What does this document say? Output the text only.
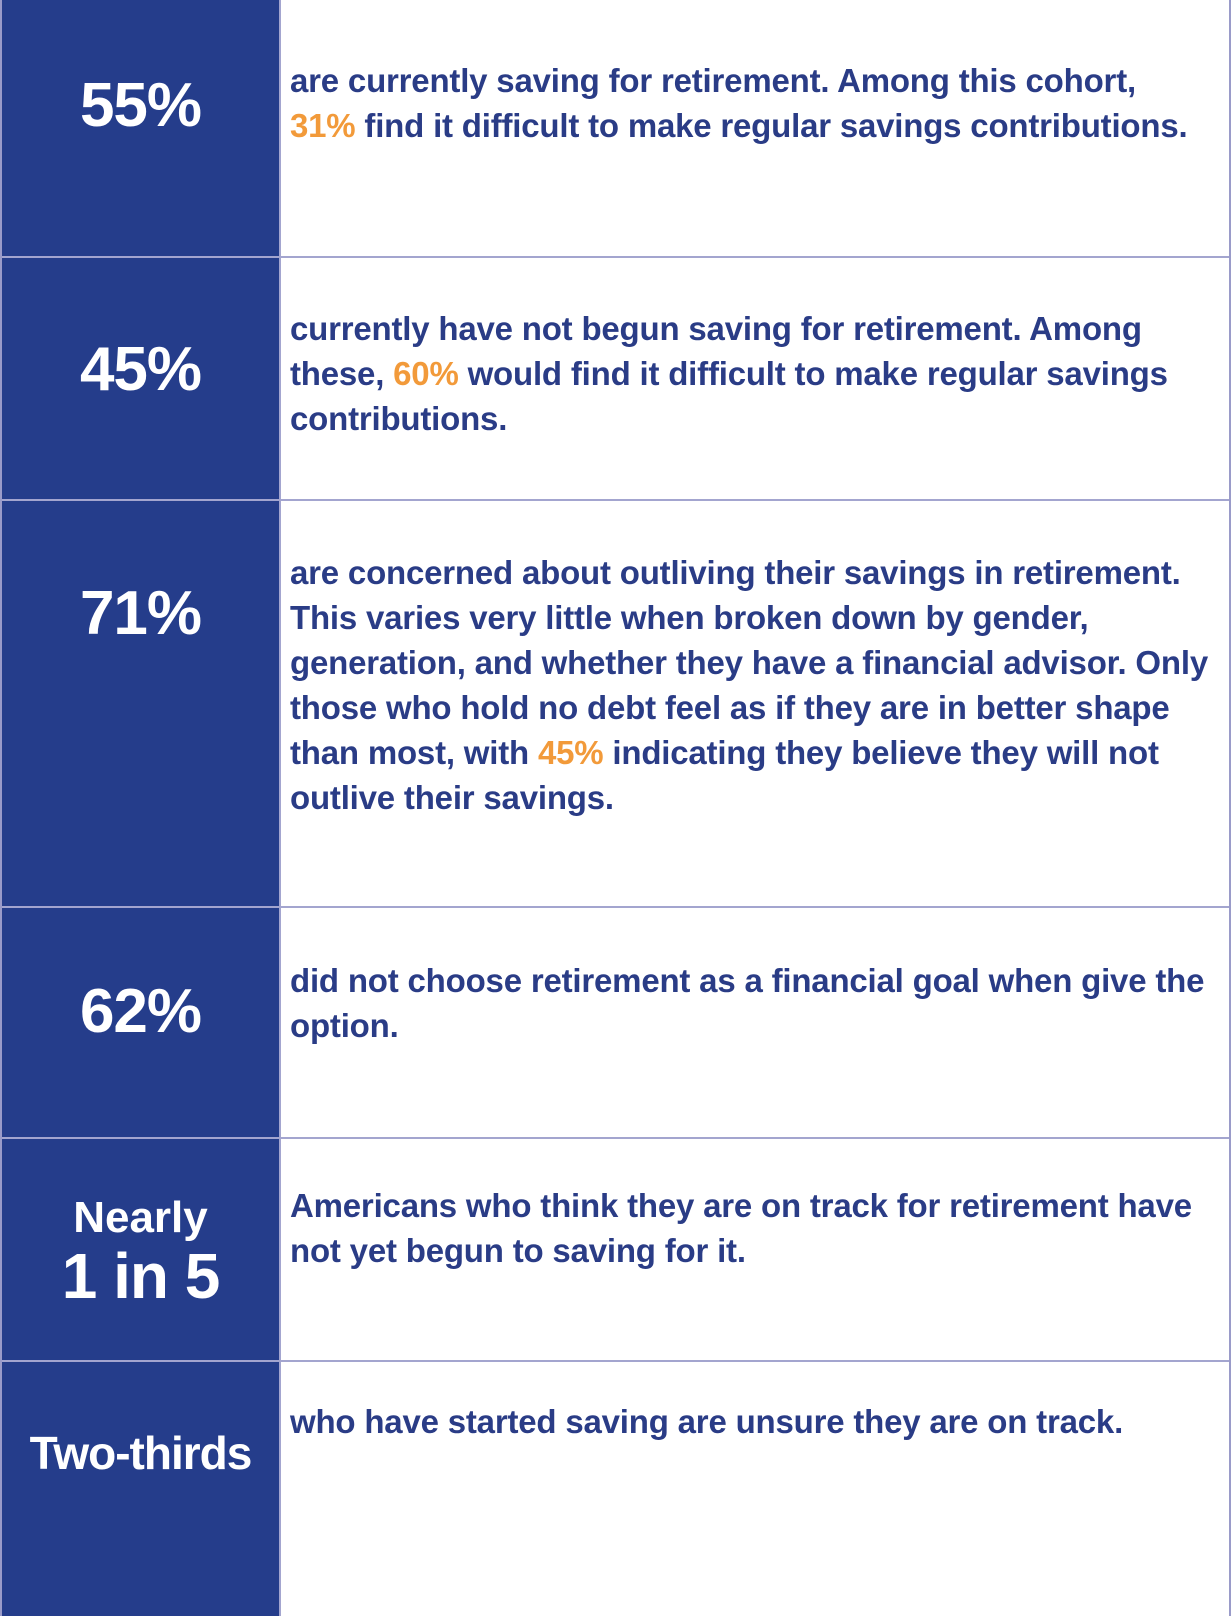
55%	are currently saving for retirement. Among this cohort, 31% find it difficult to make regular savings contributions.
45%
currently have not begun saving for retirement. Among these, 60% would find it difficult to make regular savings contributions.
71%
are concerned about outliving their savings in retirement. This varies very little when broken down by gender, generation, and whether they have a financial advisor. Only those who hold no debt feel as if they are in better shape than most, with 45% indicating they believe they will not outlive their savings.
62%	did not choose retirement as a financial goal when give the option.
Nearly
1 in 5
Americans who think they are on track for retirement have not yet begun to saving for it.
Two-thirds
who have started saving are unsure they are on track.
